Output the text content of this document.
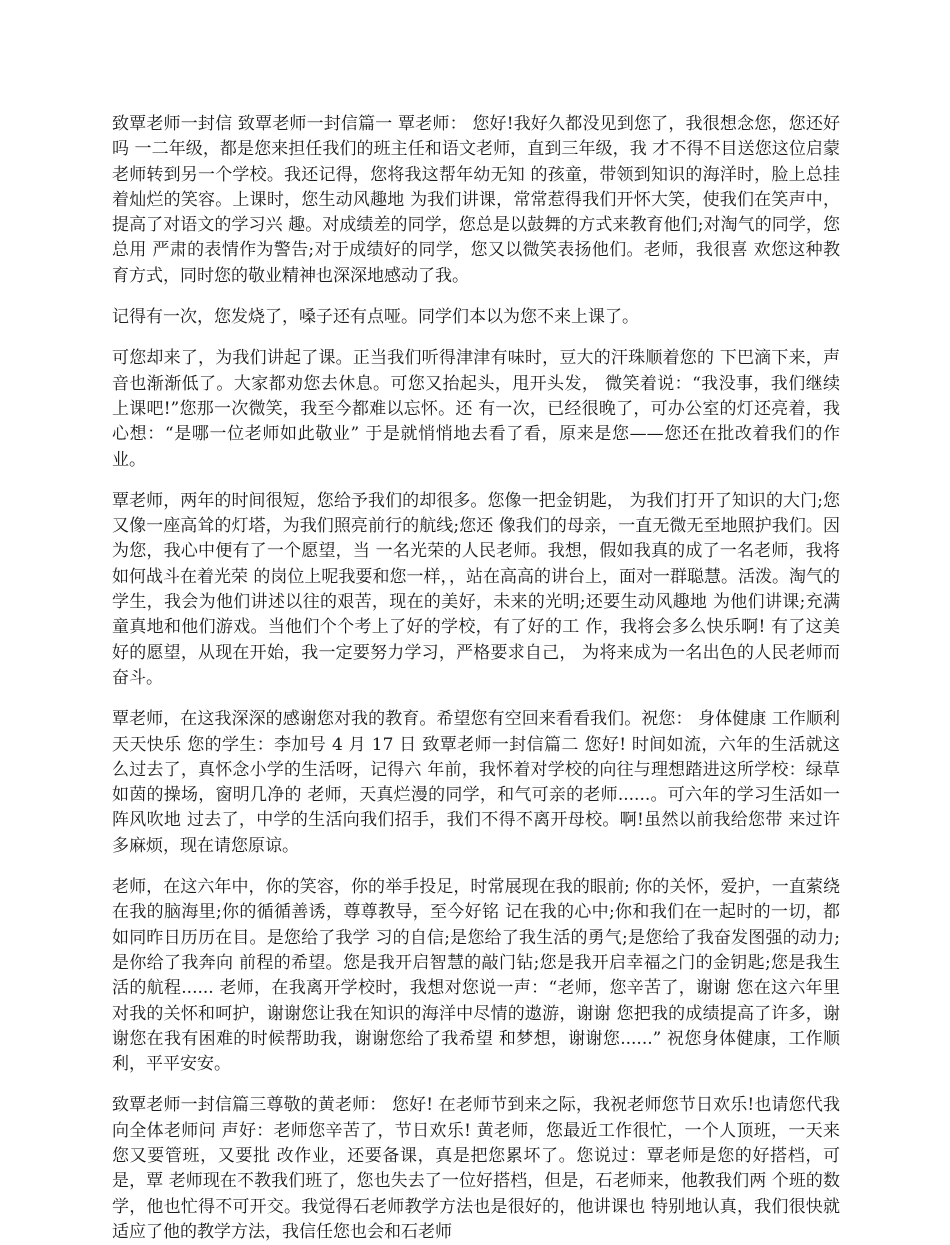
致覃老师一封信 致覃老师一封信篇一 覃老师： 您好!我好久都没见到您了，我很想念您，您还好吗 一二年级，都是您来担任我们的班主任和语文老师，直到三年级，我 才不得不目送您这位启蒙老师转到另一个学校。我还记得，您将我这帮年幼无知 的孩童，带领到知识的海洋时，脸上总挂着灿烂的笑容。上课时，您生动风趣地 为我们讲课，常常惹得我们开怀大笑，使我们在笑声中，提高了对语文的学习兴 趣。对成绩差的同学，您总是以鼓舞的方式来教育他们;对淘气的同学，您总用 严肃的表情作为警告;对于成绩好的同学，您又以微笑表扬他们。老师，我很喜 欢您这种教育方式，同时您的敬业精神也深深地感动了我。

记得有一次，您发烧了，嗓子还有点哑。同学们本以为您不来上课了。

可您却来了，为我们讲起了课。正当我们听得津津有味时，豆大的汗珠顺着您的 下巴滴下来，声音也渐渐低了。大家都劝您去休息。可您又抬起头，甩开头发， 微笑着说：“我没事，我们继续上课吧!”您那一次微笑，我至今都难以忘怀。还 有一次，已经很晚了，可办公室的灯还亮着，我心想：“是哪一位老师如此敬业” 于是就悄悄地去看了看，原来是您——您还在批改着我们的作业。

覃老师，两年的时间很短，您给予我们的却很多。您像一把金钥匙， 为我们打开了知识的大门;您又像一座高耸的灯塔，为我们照亮前行的航线;您还 像我们的母亲，一直无微无至地照护我们。因为您，我心中便有了一个愿望，当 一名光荣的人民老师。我想，假如我真的成了一名老师，我将如何战斗在着光荣 的岗位上呢我要和您一样，，站在高高的讲台上，面对一群聪慧。活泼。淘气的 学生，我会为他们讲述以往的艰苦，现在的美好，未来的光明;还要生动风趣地 为他们讲课;充满童真地和他们游戏。当他们个个考上了好的学校，有了好的工 作，我将会多么快乐啊! 有了这美好的愿望，从现在开始，我一定要努力学习，严格要求自己， 为将来成为一名出色的人民老师而奋斗。

覃老师，在这我深深的感谢您对我的教育。希望您有空回来看看我们。祝您： 身体健康 工作顺利 天天快乐 您的学生：李加号 4 月 17 日 致覃老师一封信篇二 您好! 时间如流，六年的生活就这么过去了，真怀念小学的生活呀，记得六 年前，我怀着对学校的向往与理想踏进这所学校：绿草如茵的操场，窗明几净的 老师，天真烂漫的同学，和气可亲的老师......。可六年的学习生活如一阵风吹地 过去了，中学的生活向我们招手，我们不得不离开母校。啊!虽然以前我给您带 来过许多麻烦，现在请您原谅。

老师，在这六年中，你的笑容，你的举手投足，时常展现在我的眼前; 你的关怀，爱护，一直萦绕在我的脑海里;你的循循善诱，尊尊教导，至今好铭 记在我的心中;你和我们在一起时的一切，都如同昨日历历在目。是您给了我学 习的自信;是您给了我生活的勇气;是您给了我奋发图强的动力;是你给了我奔向 前程的希望。您是我开启智慧的敲门钻;您是我开启幸福之门的金钥匙;您是我生 活的航程...... 老师，在我离开学校时，我想对您说一声：“老师，您辛苦了，谢谢 您在这六年里对我的关怀和呵护，谢谢您让我在知识的海洋中尽情的遨游，谢谢 您把我的成绩提高了许多，谢谢您在我有困难的时候帮助我，谢谢您给了我希望 和梦想，谢谢您......” 祝您身体健康，工作顺利，平平安安。

致覃老师一封信篇三尊敬的黄老师： 您好! 在老师节到来之际，我祝老师您节日欢乐!也请您代我向全体老师问 声好：老师您辛苦了，节日欢乐! 黄老师，您最近工作很忙，一个人顶班，一天来您又要管班，又要批 改作业，还要备课，真是把您累坏了。您说过：覃老师是您的好搭档，可是，覃 老师现在不教我们班了，您也失去了一位好搭档，但是，石老师来，他教我们两 个班的数学，他也忙得不可开交。我觉得石老师教学方法也是很好的，他讲课也 特别地认真，我们很快就适应了他的教学方法，我信任您也会和石老师
